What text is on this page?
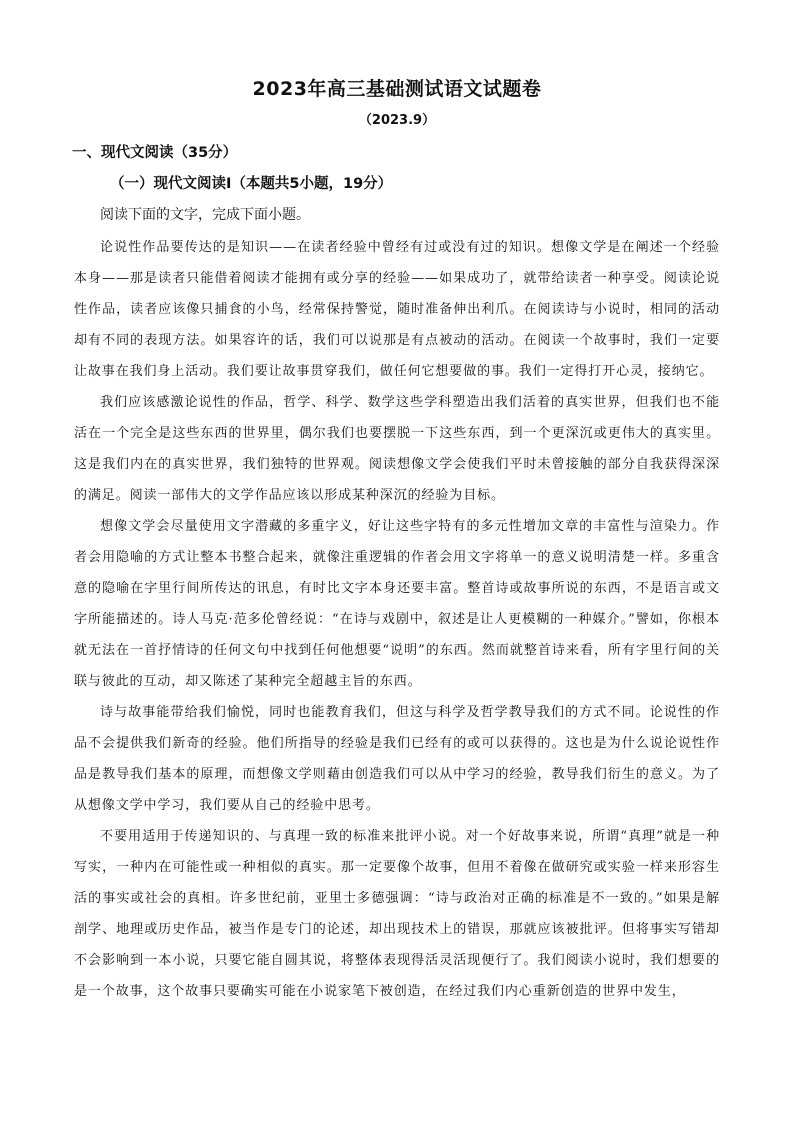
2023年高三基础测试语文试题卷
（2023.9）
一、现代文阅读（35分）
（一）现代文阅读Ⅰ（本题共5小题，19分）

阅读下面的文字，完成下面小题。

论说性作品要传达的是知识——在读者经验中曾经有过或没有过的知识。想像文学是在阐述一个经验本身——那是读者只能借着阅读才能拥有或分享的经验——如果成功了，就带给读者一种享受。阅读论说性作品，读者应该像只捕食的小鸟，经常保持警觉，随时准备伸出利爪。在阅读诗与小说时，相同的活动却有不同的表现方法。如果容许的话，我们可以说那是有点被动的活动。在阅读一个故事时，我们一定要让故事在我们身上活动。我们要让故事贯穿我们，做任何它想要做的事。我们一定得打开心灵，接纳它。

我们应该感激论说性的作品，哲学、科学、数学这些学科塑造出我们活着的真实世界，但我们也不能活在一个完全是这些东西的世界里，偶尔我们也要摆脱一下这些东西，到一个更深沉或更伟大的真实里。这是我们内在的真实世界，我们独特的世界观。阅读想像文学会使我们平时未曾接触的部分自我获得深深的满足。阅读一部伟大的文学作品应该以形成某种深沉的经验为目标。

想像文学会尽量使用文字潜藏的多重字义，好让这些字特有的多元性增加文章的丰富性与渲染力。作者会用隐喻的方式让整本书整合起来，就像注重逻辑的作者会用文字将单一的意义说明清楚一样。多重含意的隐喻在字里行间所传达的讯息，有时比文字本身还要丰富。整首诗或故事所说的东西，不是语言或文字所能描述的。诗人马克·范多伦曾经说：“在诗与戏剧中，叙述是让人更模糊的一种媒介。”譬如，你根本就无法在一首抒情诗的任何文句中找到任何他想要“说明”的东西。然而就整首诗来看，所有字里行间的关联与彼此的互动，却又陈述了某种完全超越主旨的东西。

诗与故事能带给我们愉悦，同时也能教育我们，但这与科学及哲学教导我们的方式不同。论说性的作品不会提供我们新奇的经验。他们所指导的经验是我们已经有的或可以获得的。这也是为什么说论说性作品是教导我们基本的原理，而想像文学则藉由创造我们可以从中学习的经验，教导我们衍生的意义。为了从想像文学中学习，我们要从自己的经验中思考。

不要用适用于传递知识的、与真理一致的标准来批评小说。对一个好故事来说，所谓“真理”就是一种写实，一种内在可能性或一种相似的真实。那一定要像个故事，但用不着像在做研究或实验一样来形容生活的事实或社会的真相。许多世纪前，亚里士多德强调：“诗与政治对正确的标准是不一致的。”如果是解剖学、地理或历史作品，被当作是专门的论述，却出现技术上的错误，那就应该被批评。但将事实写错却不会影响到一本小说，只要它能自圆其说，将整体表现得活灵活现便行了。我们阅读小说时，我们想要的是一个故事，这个故事只要确实可能在小说家笔下被创造，在经过我们内心重新创造的世界中发生，
